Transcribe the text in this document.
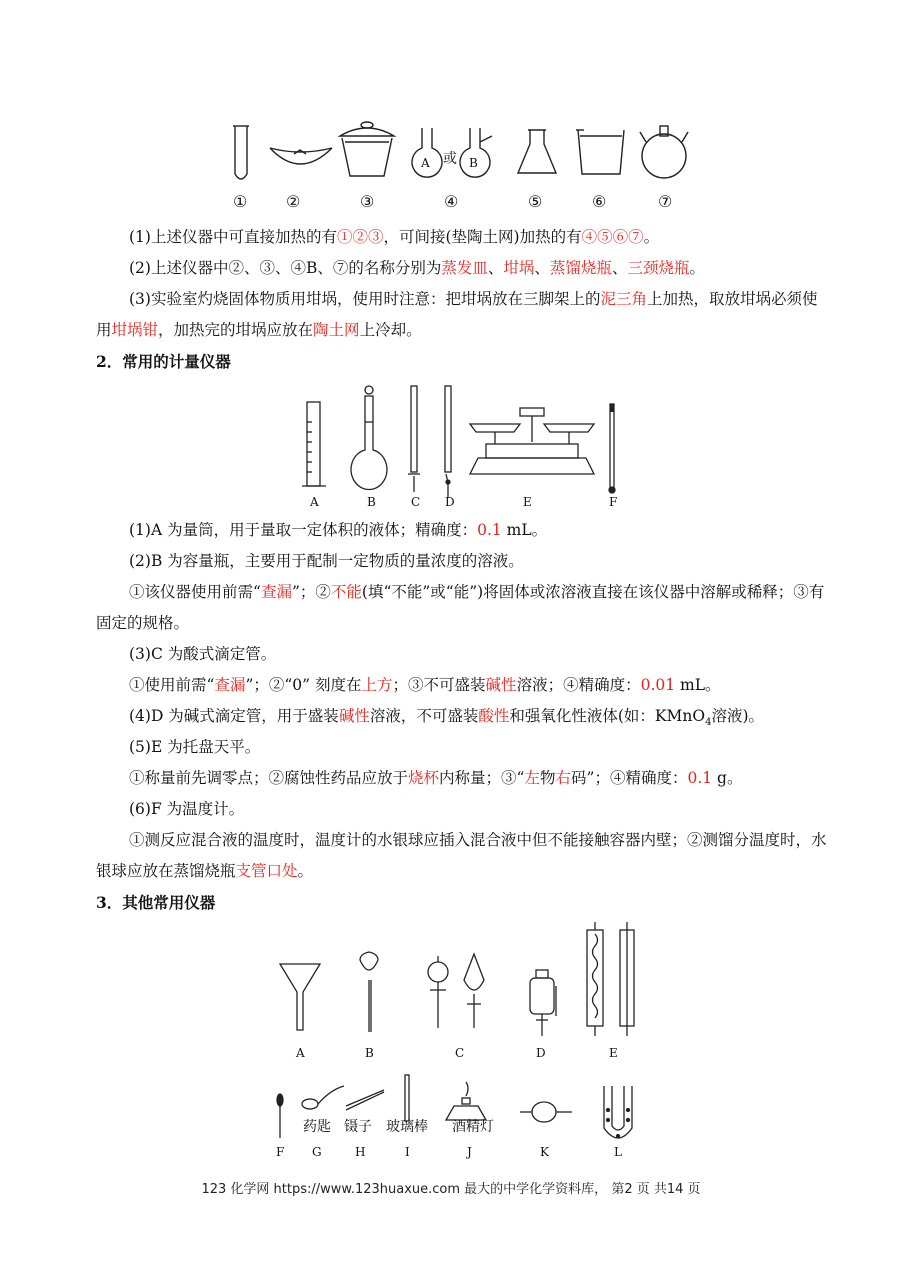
A 或 B
① ②	③	④	⑤	⑥	⑦
(1)上述仪器中可直接加热的有①②③，可间接(垫陶土网)加热的有④⑤⑥⑦。
(2)上述仪器中②、③、④B、⑦的名称分别为蒸发皿、坩埚、蒸馏烧瓶、三颈烧瓶。
(3)实验室灼烧固体物质用坩埚，使用时注意：把坩埚放在三脚架上的泥三角上加热，取放坩埚必须使用坩埚钳，加热完的坩埚应放在陶土网上冷却。
2．常用的计量仪器
A	B	C D	E	F
(1)A 为量筒，用于量取一定体积的液体；精确度：0.1 mL。
(2)B 为容量瓶，主要用于配制一定物质的量浓度的溶液。
①该仪器使用前需“查漏”；②不能(填“不能”或“能”)将固体或浓溶液直接在该仪器中溶解或稀释；③有固定的规格。
(3)C 为酸式滴定管。
①使用前需“查漏”；②“0” 刻度在上方；③不可盛装碱性溶液；④精确度：0.01 mL。
(4)D 为碱式滴定管，用于盛装碱性溶液，不可盛装酸性和强氧化性液体(如：KMnO$_4$溶液)。
(5)E 为托盘天平。
①称量前先调零点；②腐蚀性药品应放于烧杯内称量；③“左物右码”；④精确度：0.1 g。
(6)F 为温度计。
①测反应混合液的温度时，温度计的水银球应插入混合液中但不能接触容器内壁；②测馏分温度时，水银球应放在蒸馏烧瓶支管口处。
3．其他常用仪器
A	B	C	D	E
药匙 镊子 玻璃棒 酒精灯
F G	H	I	J	K	L
123 化学网 https://www.123huaxue.com 最大的中学化学资料库， 第2 页 共14 页
